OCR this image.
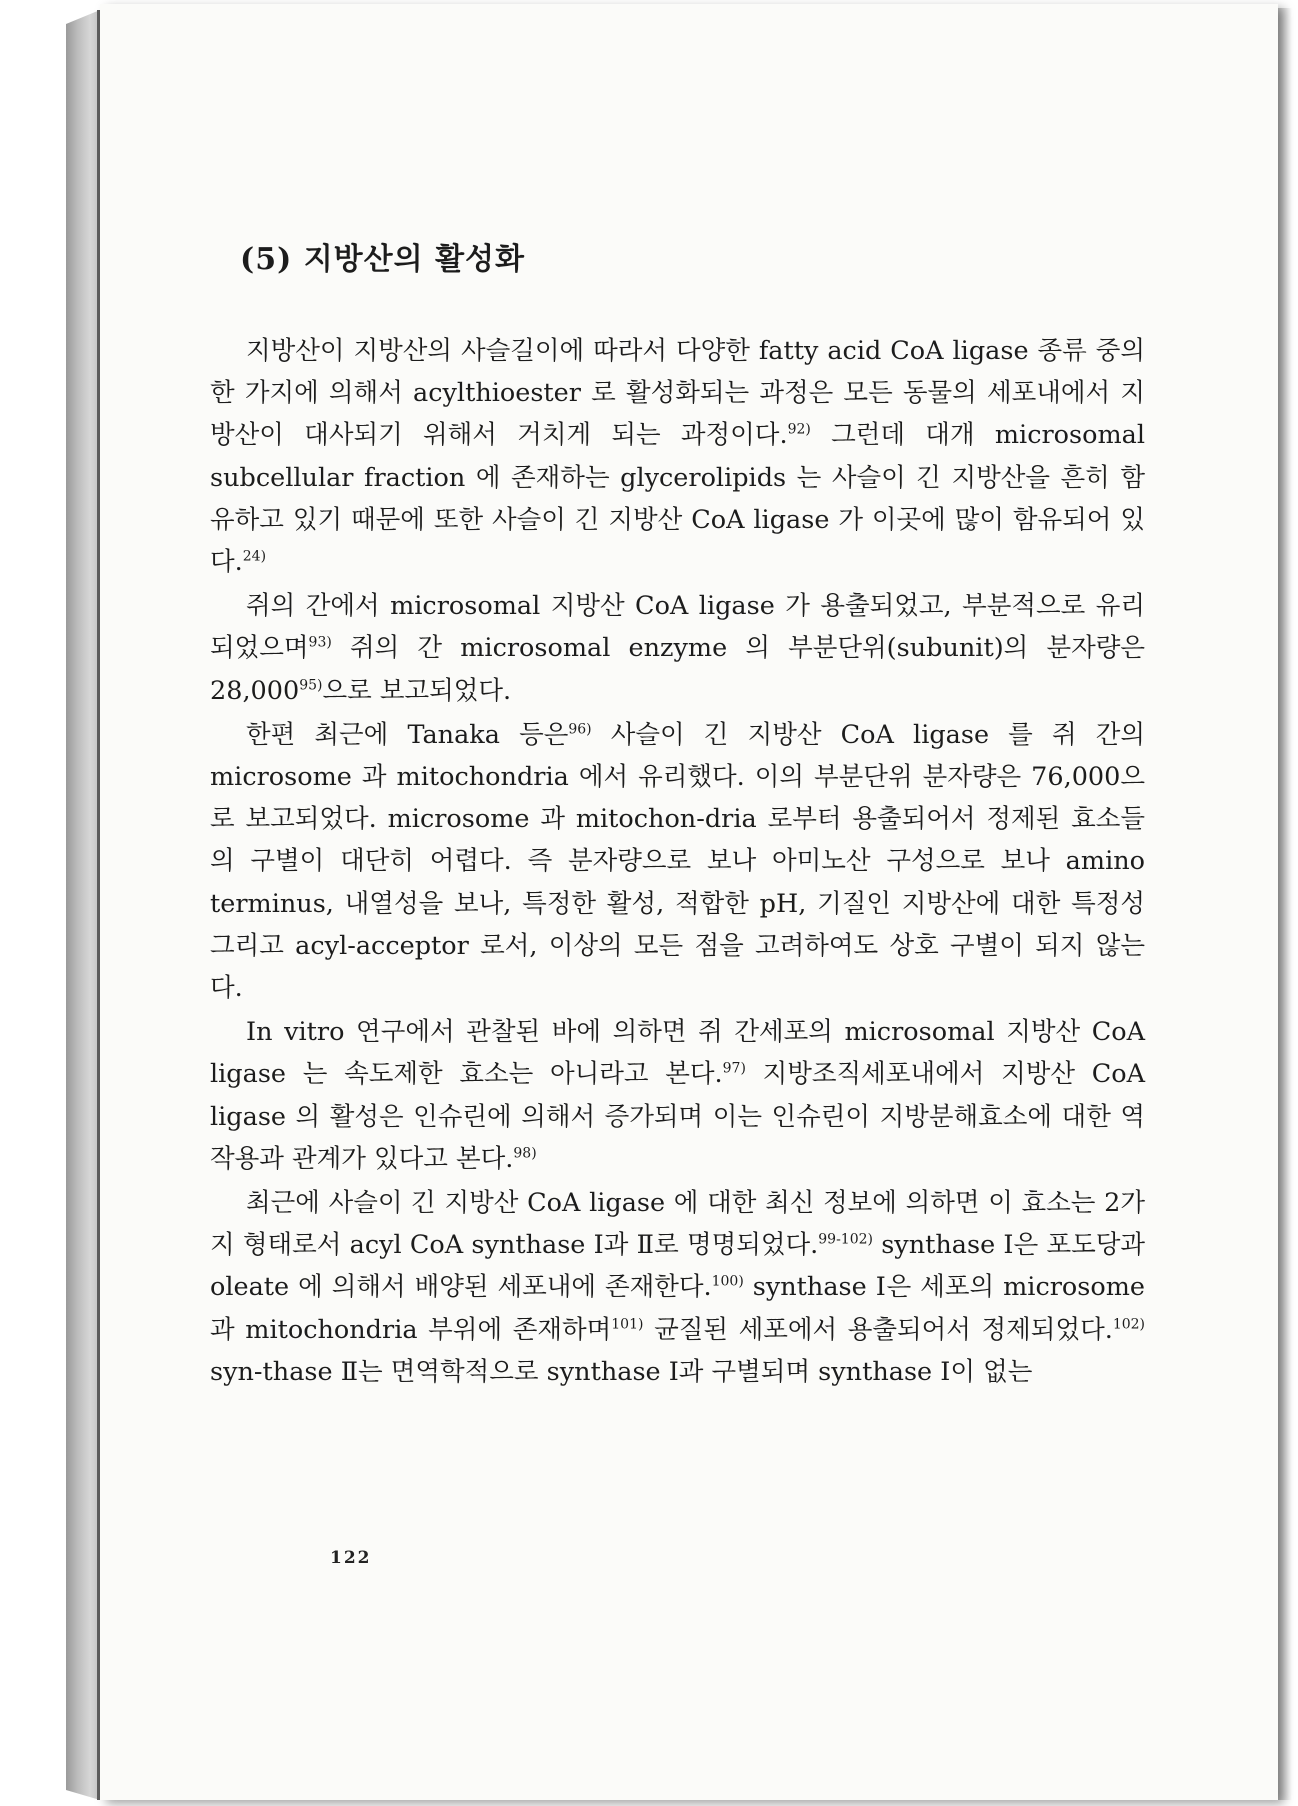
(5) 지방산의 활성화

지방산이 지방산의 사슬길이에 따라서 다양한 fatty acid CoA ligase 종류 중의 한 가지에 의해서 acylthioester 로 활성화되는 과정은 모든 동물의 세포내에서 지방산이 대사되기 위해서 거치게 되는 과정이다.$^{92)}$ 그런데 대개 microsomal subcellular fraction 에 존재하는 glycerolipids 는 사슬이 긴 지방산을 흔히 함유하고 있기 때문에 또한 사슬이 긴 지방산 CoA ligase 가 이곳에 많이 함유되어 있다.$^{24)}$

쥐의 간에서 microsomal 지방산 CoA ligase 가 용출되었고, 부분적으로 유리되었으며$^{93)}$ 쥐의 간 microsomal enzyme 의 부분단위(subunit)의 분자량은 28,000$^{95)}$으로 보고되었다.

한편 최근에 Tanaka 등은$^{96)}$ 사슬이 긴 지방산 CoA ligase 를 쥐 간의 microsome 과 mitochondria 에서 유리했다. 이의 부분단위 분자량은 76,000으로 보고되었다. microsome 과 mitochon-dria 로부터 용출되어서 정제된 효소들의 구별이 대단히 어렵다. 즉 분자량으로 보나 아미노산 구성으로 보나 amino terminus, 내열성을 보나, 특정한 활성, 적합한 pH, 기질인 지방산에 대한 특정성 그리고 acyl-acceptor 로서, 이상의 모든 점을 고려하여도 상호 구별이 되지 않는다.

In vitro 연구에서 관찰된 바에 의하면 쥐 간세포의 microsomal 지방산 CoA ligase 는 속도제한 효소는 아니라고 본다.$^{97)}$ 지방조직세포내에서 지방산 CoA ligase 의 활성은 인슈린에 의해서 증가되며 이는 인슈린이 지방분해효소에 대한 역작용과 관계가 있다고 본다.$^{98)}$

최근에 사슬이 긴 지방산 CoA ligase 에 대한 최신 정보에 의하면 이 효소는 2가지 형태로서 acyl CoA synthase Ⅰ과 Ⅱ로 명명되었다.$^{99-102)}$ synthase Ⅰ은 포도당과 oleate 에 의해서 배양된 세포내에 존재한다.$^{100)}$ synthase Ⅰ은 세포의 microsome 과 mitochondria 부위에 존재하며$^{101)}$ 균질된 세포에서 용출되어서 정제되었다.$^{102)}$ syn-thase Ⅱ는 면역학적으로 synthase Ⅰ과 구별되며 synthase Ⅰ이 없는

122
